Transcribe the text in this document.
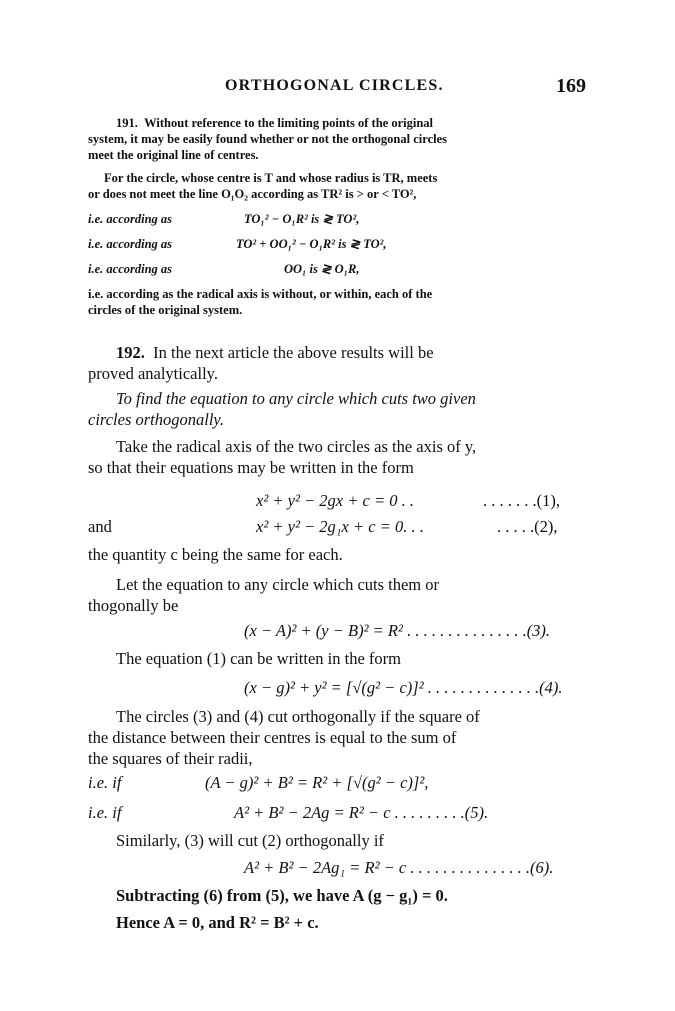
ORTHOGONAL CIRCLES.	169
191. Without reference to the limiting points of the original
system, it may be easily found whether or not the orthogonal circles
meet the original line of centres.
For the circle, whose centre is T and whose radius is TR, meets
or does not meet the line O₁O₂ according as TR² is > or < TO²,
i.e. according as	TO₁² − O₁R² is ≷ TO²,
i.e. according as	TO² + OO₁² − O₁R² is ≷ TO²,
i.e. according as	OO₁ is ≷ O₁R,
i.e. according as the radical axis is without, or within, each of the
circles of the original system.
192. In the next article the above results will be
proved analytically.
To find the equation to any circle which cuts two given
circles orthogonally.
Take the radical axis of the two circles as the axis of y,
so that their equations may be written in the form
x² + y² − 2gx + c = 0 . .	. . . . . . .(1),
and	x² + y² − 2g₁x + c = 0. . .	. . . . .(2),
the quantity c being the same for each.
Let the equation to any circle which cuts them or
thogonally be
(x − A)² + (y − B)² = R² . . . . . . . . . . . . . . .(3).
The equation (1) can be written in the form
(x − g)² + y² = [√(g² − c)]² . . . . . . . . . . . . . .(4).
The circles (3) and (4) cut orthogonally if the square of
the distance between their centres is equal to the sum of
the squares of their radii,
i.e. if	(A − g)² + B² = R² + [√(g² − c)]²,
i.e. if	A² + B² − 2Ag = R² − c . . . . . . . . .(5).
Similarly, (3) will cut (2) orthogonally if
A² + B² − 2Ag₁ = R² − c . . . . . . . . . . . . . . .(6).
Subtracting (6) from (5), we have A (g − g₁) = 0.
Hence A = 0, and R² = B² + c.
